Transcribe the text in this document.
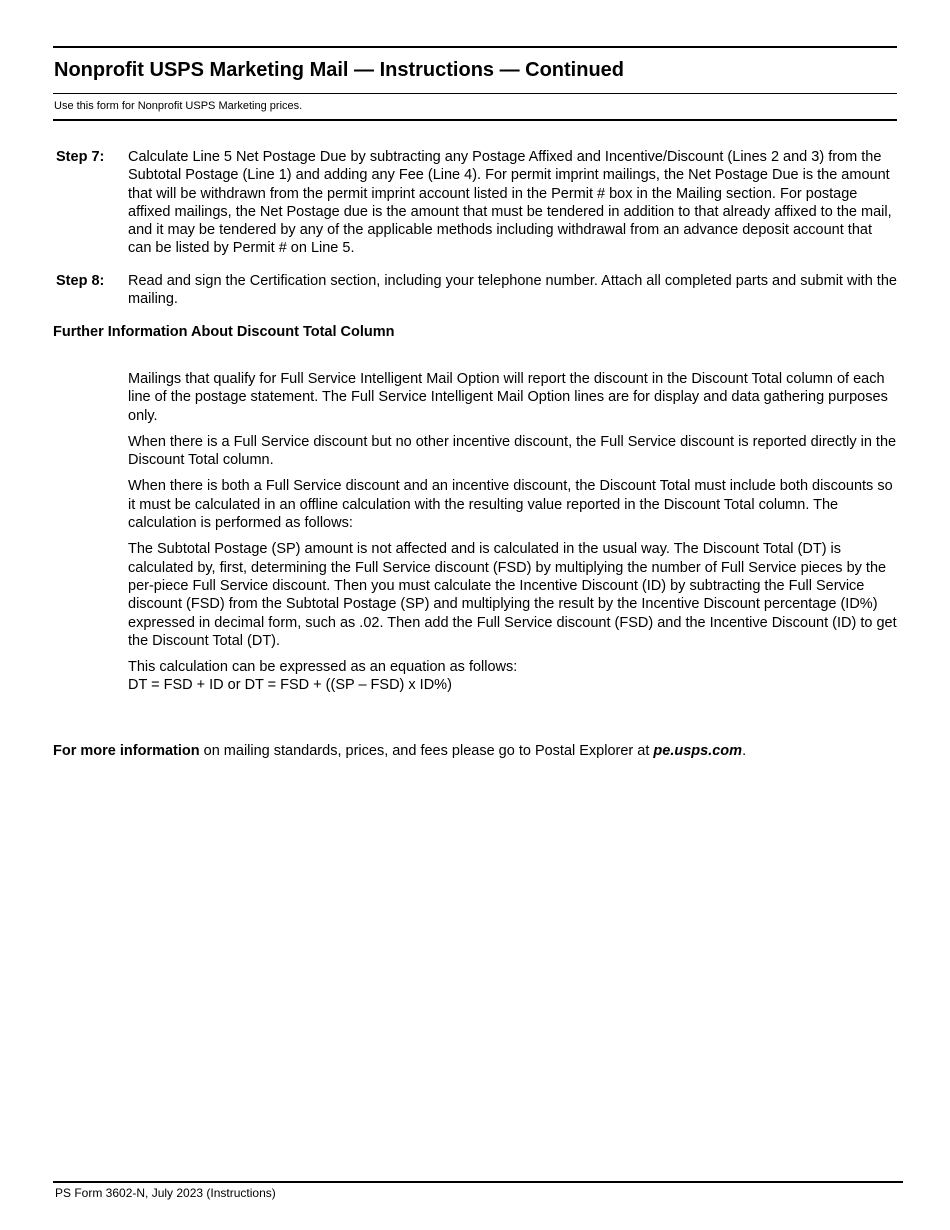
Nonprofit USPS Marketing Mail — Instructions — Continued
Use this form for Nonprofit USPS Marketing prices.
Step 7: Calculate Line 5 Net Postage Due by subtracting any Postage Affixed and Incentive/Discount (Lines 2 and 3) from the Subtotal Postage (Line 1) and adding any Fee (Line 4). For permit imprint mailings, the Net Postage Due is the amount that will be withdrawn from the permit imprint account listed in the Permit # box in the Mailing section. For postage affixed mailings, the Net Postage due is the amount that must be tendered in addition to that already affixed to the mail, and it may be tendered by any of the applicable methods including withdrawal from an advance deposit account that can be listed by Permit # on Line 5.
Step 8: Read and sign the Certification section, including your telephone number. Attach all completed parts and submit with the mailing.
Further Information About Discount Total Column

Mailings that qualify for Full Service Intelligent Mail Option will report the discount in the Discount Total column of each line of the postage statement. The Full Service Intelligent Mail Option lines are for display and data gathering purposes only.

When there is a Full Service discount but no other incentive discount, the Full Service discount is reported directly in the Discount Total column.

When there is both a Full Service discount and an incentive discount, the Discount Total must include both discounts so it must be calculated in an offline calculation with the resulting value reported in the Discount Total column. The calculation is performed as follows:

The Subtotal Postage (SP) amount is not affected and is calculated in the usual way. The Discount Total (DT) is calculated by, first, determining the Full Service discount (FSD) by multiplying the number of Full Service pieces by the per-piece Full Service discount. Then you must calculate the Incentive Discount (ID) by subtracting the Full Service discount (FSD) from the Subtotal Postage (SP) and multiplying the result by the Incentive Discount percentage (ID%) expressed in decimal form, such as .02. Then add the Full Service discount (FSD) and the Incentive Discount (ID) to get the Discount Total (DT).

This calculation can be expressed as an equation as follows:
DT = FSD + ID or DT = FSD + ((SP – FSD) x ID%)

For more information on mailing standards, prices, and fees please go to Postal Explorer at pe.usps.com.
PS Form 3602-N, July 2023 (Instructions)
